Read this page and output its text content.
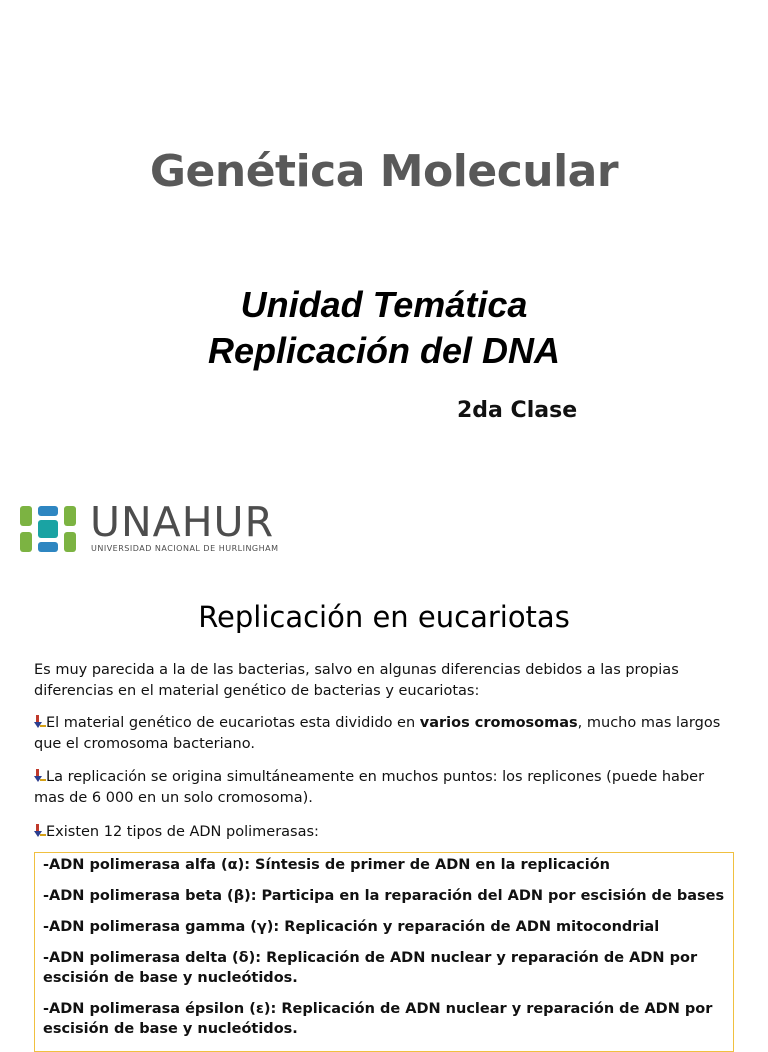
Genética Molecular
Unidad Temática
Replicación del DNA
2da Clase
UNAHUR
UNIVERSIDAD NACIONAL DE HURLINGHAM
Replicación en eucariotas
Es muy parecida a la de las bacterias, salvo en algunas diferencias debidos a las propias diferencias en el material genético de bacterias y eucariotas:
El material genético de eucariotas esta dividido en varios cromosomas, mucho mas largos que el cromosoma bacteriano.
La replicación se origina simultáneamente en muchos puntos: los replicones (puede haber mas de 6 000 en un solo cromosoma).
Existen 12 tipos de ADN polimerasas:
-ADN polimerasa alfa (α): Síntesis de primer de ADN en la replicación
-ADN polimerasa beta (β): Participa en la reparación del ADN por escisión de bases
-ADN polimerasa gamma (γ): Replicación y reparación de ADN mitocondrial
-ADN polimerasa delta (δ): Replicación de ADN nuclear y reparación de ADN por escisión de base y nucleótidos.
-ADN polimerasa épsilon (ε): Replicación de ADN nuclear y reparación de ADN por escisión de base y nucleótidos.
